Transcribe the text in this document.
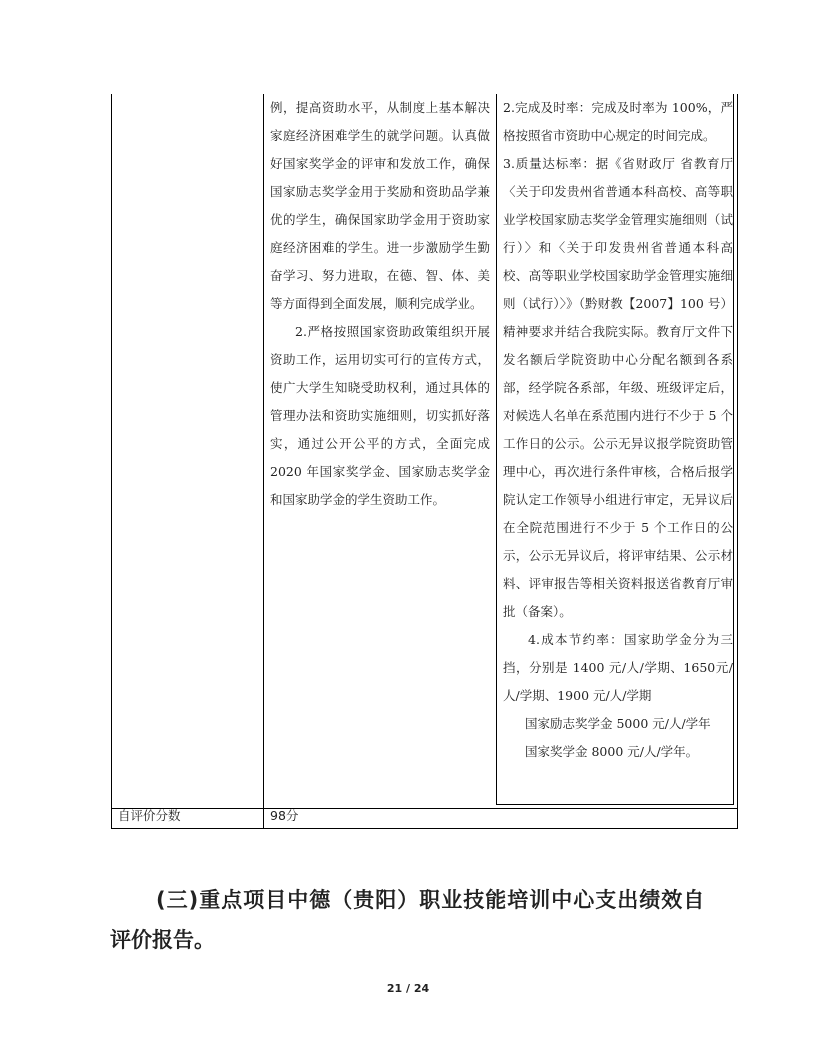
例，提高资助水平，从制度上基本解决家庭经济困难学生的就学问题。认真做好国家奖学金的评审和发放工作，确保国家励志奖学金用于奖励和资助品学兼优的学生，确保国家助学金用于资助家庭经济困难的学生。进一步激励学生勤奋学习、努力进取，在德、智、体、美等方面得到全面发展，顺利完成学业。

2.严格按照国家资助政策组织开展资助工作，运用切实可行的宣传方式，使广大学生知晓受助权利，通过具体的管理办法和资助实施细则，切实抓好落实，通过公开公平的方式，全面完成 2020 年国家奖学金、国家励志奖学金和国家助学金的学生资助工作。

2.完成及时率：完成及时率为 100%，严格按照省市资助中心规定的时间完成。

3.质量达标率：据《省财政厅 省教育厅〈关于印发贵州省普通本科高校、高等职业学校国家励志奖学金管理实施细则（试行）〉和〈关于印发贵州省普通本科高校、高等职业学校国家助学金管理实施细则（试行）〉》（黔财教【2007】100 号）精神要求并结合我院实际。教育厅文件下发名额后学院资助中心分配名额到各系部，经学院各系部，年级、班级评定后，对候选人名单在系范围内进行不少于 5 个工作日的公示。公示无异议报学院资助管理中心，再次进行条件审核，合格后报学院认定工作领导小组进行审定，无异议后在全院范围进行不少于 5 个工作日的公示，公示无异议后，将评审结果、公示材料、评审报告等相关资料报送省教育厅审批（备案）。

4.成本节约率：国家助学金分为三挡，分别是 1400 元/人/学期、1650元/人/学期、1900 元/人/学期

国家励志奖学金 5000 元/人/学年

国家奖学金 8000 元/人/学年。

自评价分数	98分
(三)重点项目中德（贵阳）职业技能培训中心支出绩效自
评价报告。
21 / 24
